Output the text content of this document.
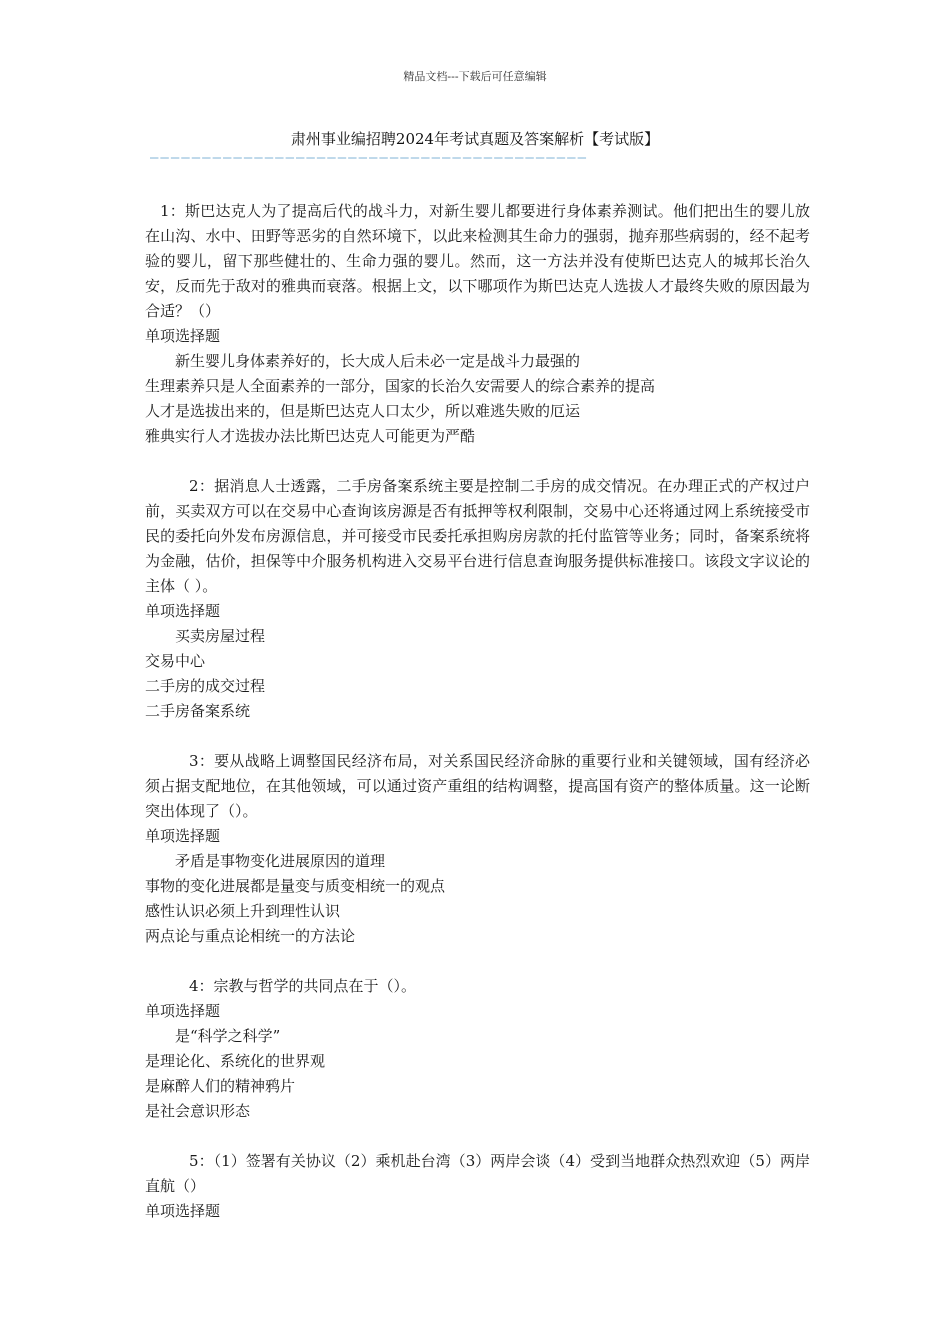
精品文档---下载后可任意编辑
肃州事业编招聘2024年考试真题及答案解析【考试版】
——————————————————————————————————————————
1：斯巴达克人为了提高后代的战斗力，对新生婴儿都要进行身体素养测试。他们把出生的婴儿放在山沟、水中、田野等恶劣的自然环境下，以此来检测其生命力的强弱，抛弃那些病弱的，经不起考验的婴儿，留下那些健壮的、生命力强的婴儿。然而，这一方法并没有使斯巴达克人的城邦长治久安，反而先于敌对的雅典而衰落。根据上文，以下哪项作为斯巴达克人选拔人才最终失败的原因最为合适？（）
单项选择题
新生婴儿身体素养好的，长大成人后未必一定是战斗力最强的
生理素养只是人全面素养的一部分，国家的长治久安需要人的综合素养的提高
人才是选拔出来的，但是斯巴达克人口太少，所以难逃失败的厄运
雅典实行人才选拔办法比斯巴达克人可能更为严酷
2：据消息人士透露，二手房备案系统主要是控制二手房的成交情况。在办理正式的产权过户前，买卖双方可以在交易中心查询该房源是否有抵押等权利限制，交易中心还将通过网上系统接受市民的委托向外发布房源信息，并可接受市民委托承担购房房款的托付监管等业务；同时，备案系统将为金融，估价，担保等中介服务机构进入交易平台进行信息查询服务提供标准接口。该段文字议论的主体（ ）。
单项选择题
买卖房屋过程
交易中心
二手房的成交过程
二手房备案系统
3：要从战略上调整国民经济布局，对关系国民经济命脉的重要行业和关键领域，国有经济必须占据支配地位，在其他领域，可以通过资产重组的结构调整，提高国有资产的整体质量。这一论断突出体现了（）。
单项选择题
矛盾是事物变化进展原因的道理
事物的变化进展都是量变与质变相统一的观点
感性认识必须上升到理性认识
两点论与重点论相统一的方法论
4：宗教与哲学的共同点在于（）。
单项选择题
是“科学之科学”
是理论化、系统化的世界观
是麻醉人们的精神鸦片
是社会意识形态
5：（1）签署有关协议（2）乘机赴台湾（3）两岸会谈（4）受到当地群众热烈欢迎（5）两岸直航（）
单项选择题
